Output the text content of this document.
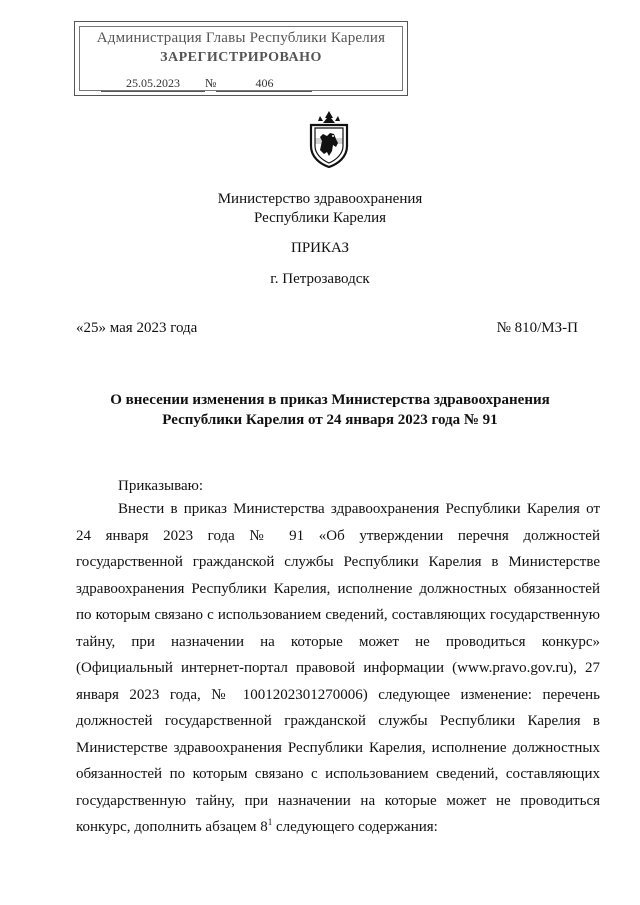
Администрация Главы Республики Карелия
ЗАРЕГИСТРИРОВАНО
25.05.2023 №	406
Министерство здравоохранения
Республики Карелия
ПРИКАЗ
г. Петрозаводск
«25» мая 2023 года	№ 810/МЗ-П
О внесении изменения в приказ Министерства здравоохранения
Республики Карелия от 24 января 2023 года № 91
Приказываю:

Внести в приказ Министерства здравоохранения Республики Карелия от 24 января 2023 года № 91 «Об утверждении перечня должностей государственной гражданской службы Республики Карелия в Министерстве здравоохранения Республики Карелия, исполнение должностных обязанностей по которым связано с использованием сведений, составляющих государственную тайну, при назначении на которые может не проводиться конкурс» (Официальный интернет-портал правовой информации (www.pravo.gov.ru), 27 января 2023 года, № 1001202301270006) следующее изменение: перечень должностей государственной гражданской службы Республики Карелия в Министерстве здравоохранения Республики Карелия, исполнение должностных обязанностей по которым связано с использованием сведений, составляющих государственную тайну, при назначении на которые может не проводиться конкурс, дополнить абзацем $8^1$ следующего содержания:
